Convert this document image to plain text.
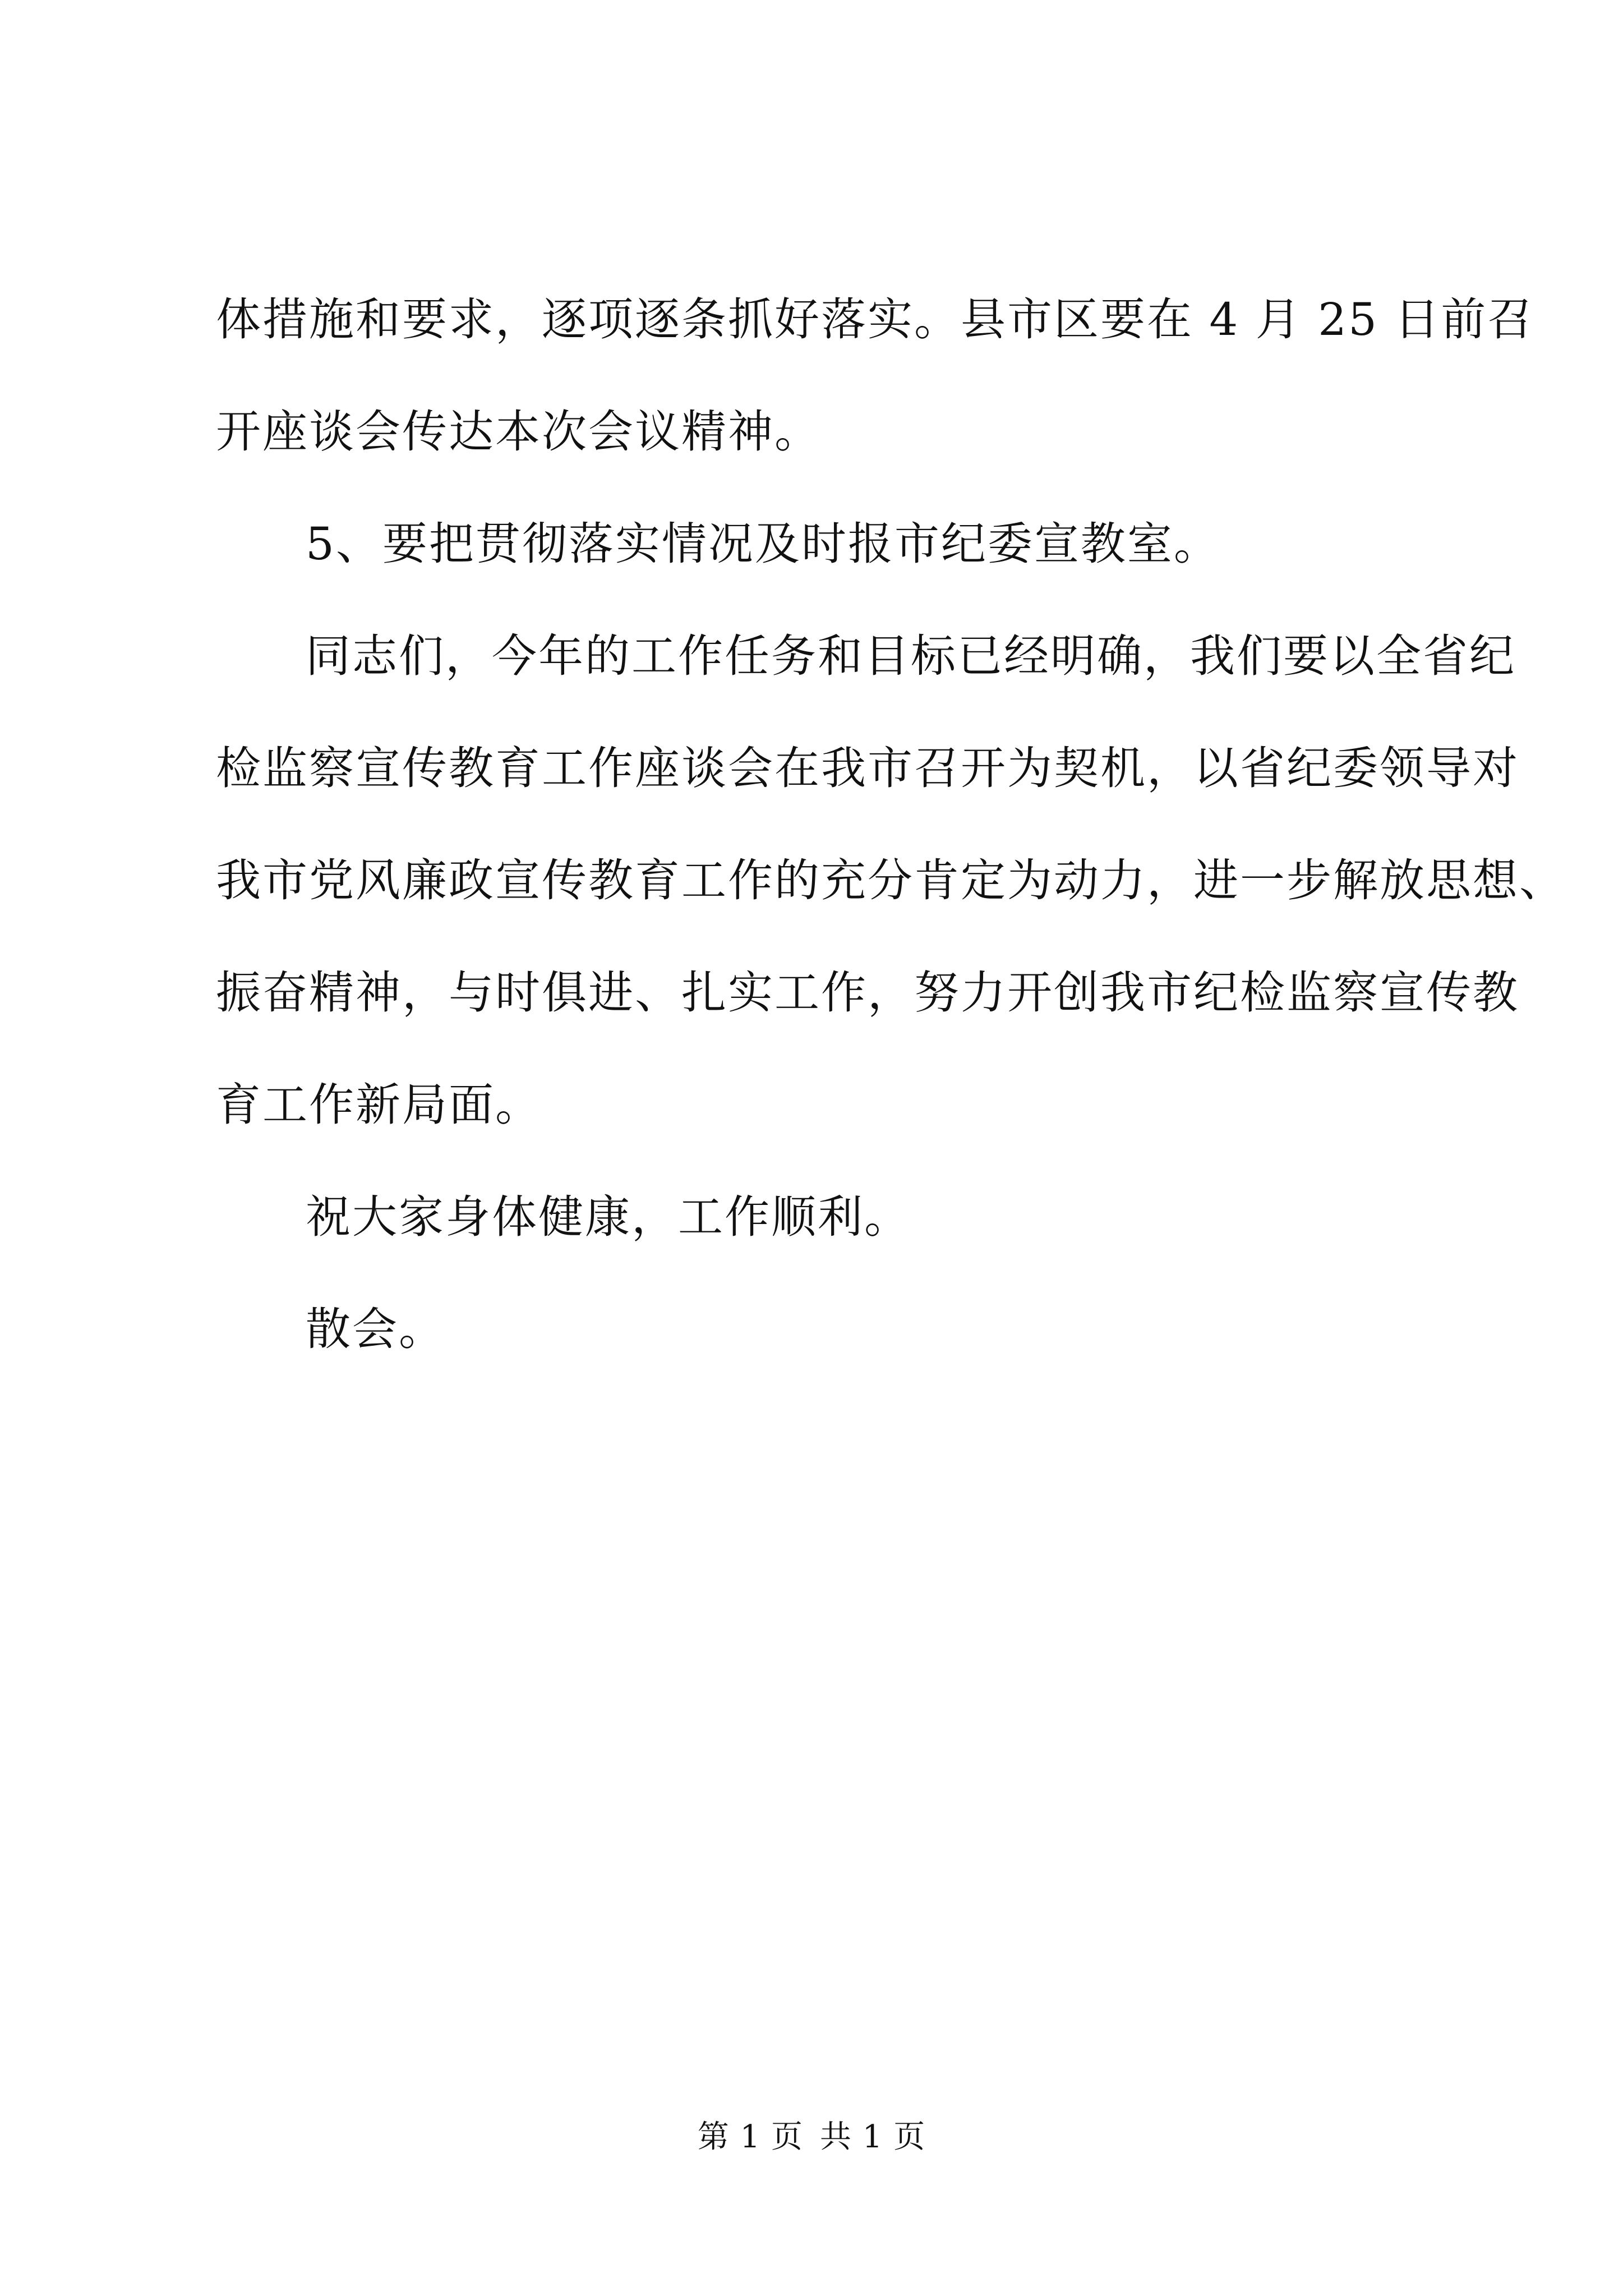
体措施和要求，逐项逐条抓好落实。县市区要在 4 月 25 日前召

开座谈会传达本次会议精神。

5、要把贯彻落实情况及时报市纪委宣教室。

同志们，今年的工作任务和目标已经明确，我们要以全省纪

检监察宣传教育工作座谈会在我市召开为契机，以省纪委领导对

我市党风廉政宣传教育工作的充分肯定为动力，进一步解放思想、

振奋精神，与时俱进、扎实工作，努力开创我市纪检监察宣传教

育工作新局面。

祝大家身体健康，工作顺利。

散会。

第 1 页 共 1 页
